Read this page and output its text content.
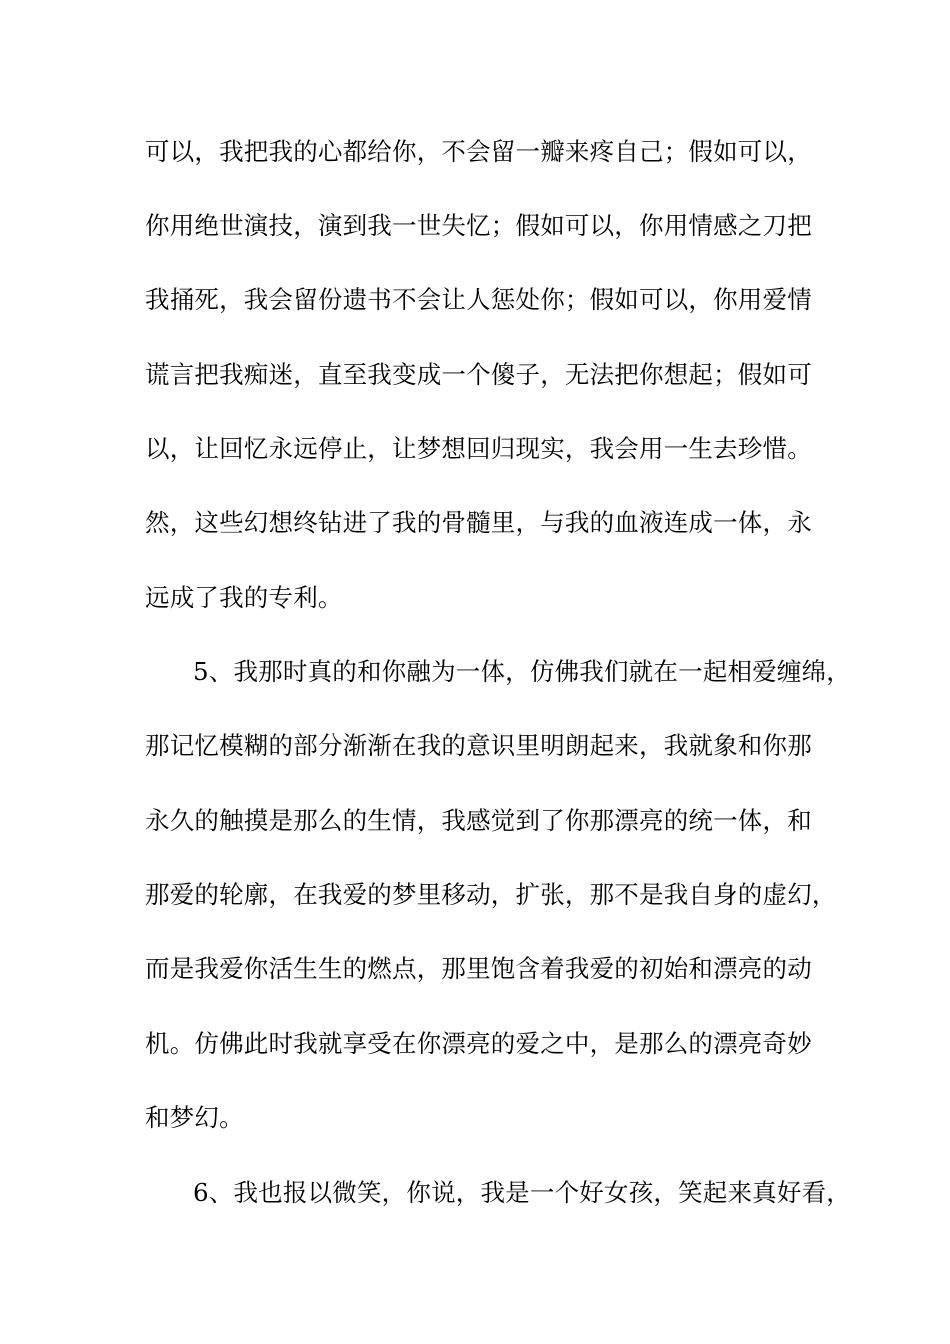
可以，我把我的心都给你，不会留一瓣来疼自己；假如可以，
你用绝世演技，演到我一世失忆；假如可以，你用情感之刀把
我捅死，我会留份遗书不会让人惩处你；假如可以，你用爱情
谎言把我痴迷，直至我变成一个傻子，无法把你想起；假如可
以，让回忆永远停止，让梦想回归现实，我会用一生去珍惜。
然，这些幻想终钻进了我的骨髓里，与我的血液连成一体，永
远成了我的专利。
5、我那时真的和你融为一体，仿佛我们就在一起相爱缠绵，
那记忆模糊的部分渐渐在我的意识里明朗起来，我就象和你那
永久的触摸是那么的生情，我感觉到了你那漂亮的统一体，和
那爱的轮廓，在我爱的梦里移动，扩张，那不是我自身的虚幻，
而是我爱你活生生的燃点，那里饱含着我爱的初始和漂亮的动
机。仿佛此时我就享受在你漂亮的爱之中，是那么的漂亮奇妙
和梦幻。
6、我也报以微笑，你说，我是一个好女孩，笑起来真好看，
